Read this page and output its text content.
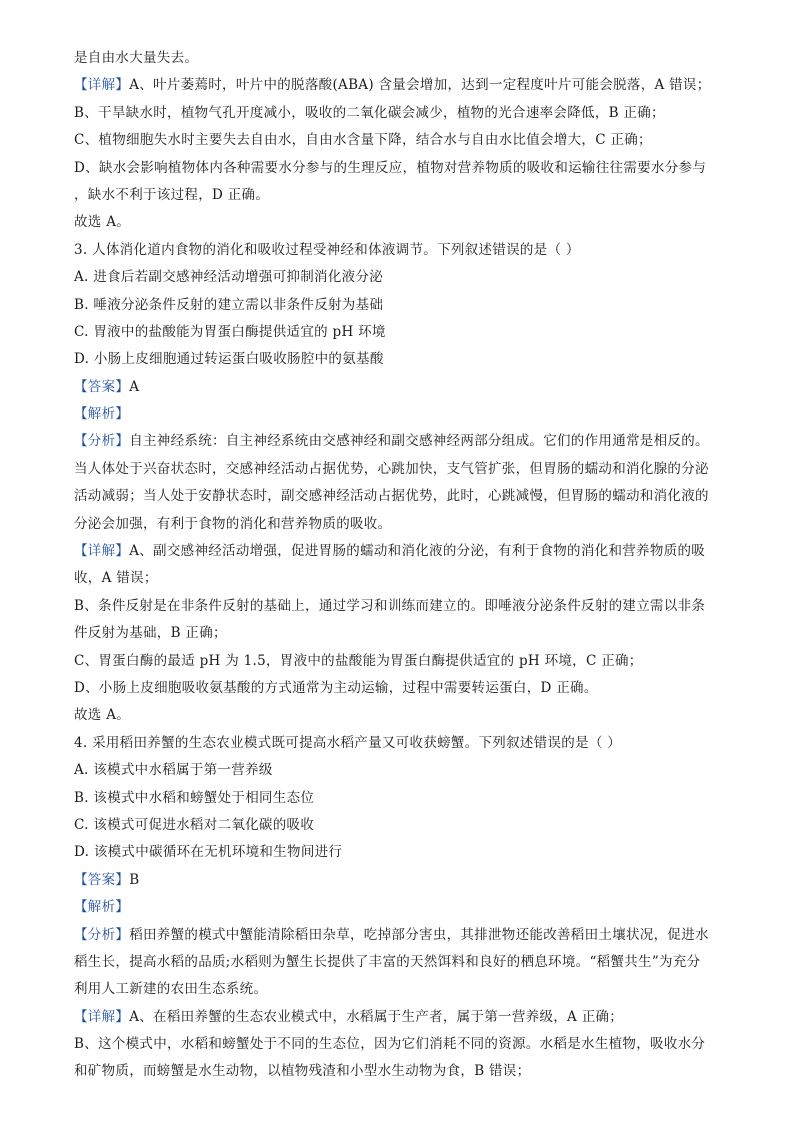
是自由水大量失去。
【详解】A、叶片萎蔫时，叶片中的脱落酸(ABA) 含量会增加，达到一定程度叶片可能会脱落，A 错误；
B、干旱缺水时，植物气孔开度减小，吸收的二氧化碳会减少，植物的光合速率会降低，B 正确；
C、植物细胞失水时主要失去自由水，自由水含量下降，结合水与自由水比值会增大，C 正确；
D、缺水会影响植物体内各种需要水分参与的生理反应，植物对营养物质的吸收和运输往往需要水分参与
，缺水不利于该过程，D 正确。
故选 A。
3. 人体消化道内食物的消化和吸收过程受神经和体液调节。下列叙述错误的是（ ）
A. 进食后若副交感神经活动增强可抑制消化液分泌
B. 唾液分泌条件反射的建立需以非条件反射为基础
C. 胃液中的盐酸能为胃蛋白酶提供适宜的 pH 环境
D. 小肠上皮细胞通过转运蛋白吸收肠腔中的氨基酸
【答案】A
【解析】
【分析】自主神经系统：自主神经系统由交感神经和副交感神经两部分组成。它们的作用通常是相反的。
当人体处于兴奋状态时，交感神经活动占据优势，心跳加快，支气管扩张，但胃肠的蠕动和消化腺的分泌
活动减弱；当人处于安静状态时，副交感神经活动占据优势，此时，心跳减慢，但胃肠的蠕动和消化液的
分泌会加强，有利于食物的消化和营养物质的吸收。
【详解】A、副交感神经活动增强，促进胃肠的蠕动和消化液的分泌，有利于食物的消化和营养物质的吸
收，A 错误；
B、条件反射是在非条件反射的基础上，通过学习和训练而建立的。即唾液分泌条件反射的建立需以非条
件反射为基础，B 正确；
C、胃蛋白酶的最适 pH 为 1.5，胃液中的盐酸能为胃蛋白酶提供适宜的 pH 环境，C 正确；
D、小肠上皮细胞吸收氨基酸的方式通常为主动运输，过程中需要转运蛋白，D 正确。
故选 A。
4. 采用稻田养蟹的生态农业模式既可提高水稻产量又可收获螃蟹。下列叙述错误的是（ ）
A. 该模式中水稻属于第一营养级
B. 该模式中水稻和螃蟹处于相同生态位
C. 该模式可促进水稻对二氧化碳的吸收
D. 该模式中碳循环在无机环境和生物间进行
【答案】B
【解析】
【分析】稻田养蟹的模式中蟹能清除稻田杂草，吃掉部分害虫，其排泄物还能改善稻田土壤状况，促进水
稻生长，提高水稻的品质;水稻则为蟹生长提供了丰富的天然饵料和良好的栖息环境。“稻蟹共生”为充分
利用人工新建的农田生态系统。
【详解】A、在稻田养蟹的生态农业模式中，水稻属于生产者，属于第一营养级，A 正确；
B、这个模式中，水稻和螃蟹处于不同的生态位，因为它们消耗不同的资源。水稻是水生植物，吸收水分
和矿物质，而螃蟹是水生动物，以植物残渣和小型水生动物为食，B 错误；
